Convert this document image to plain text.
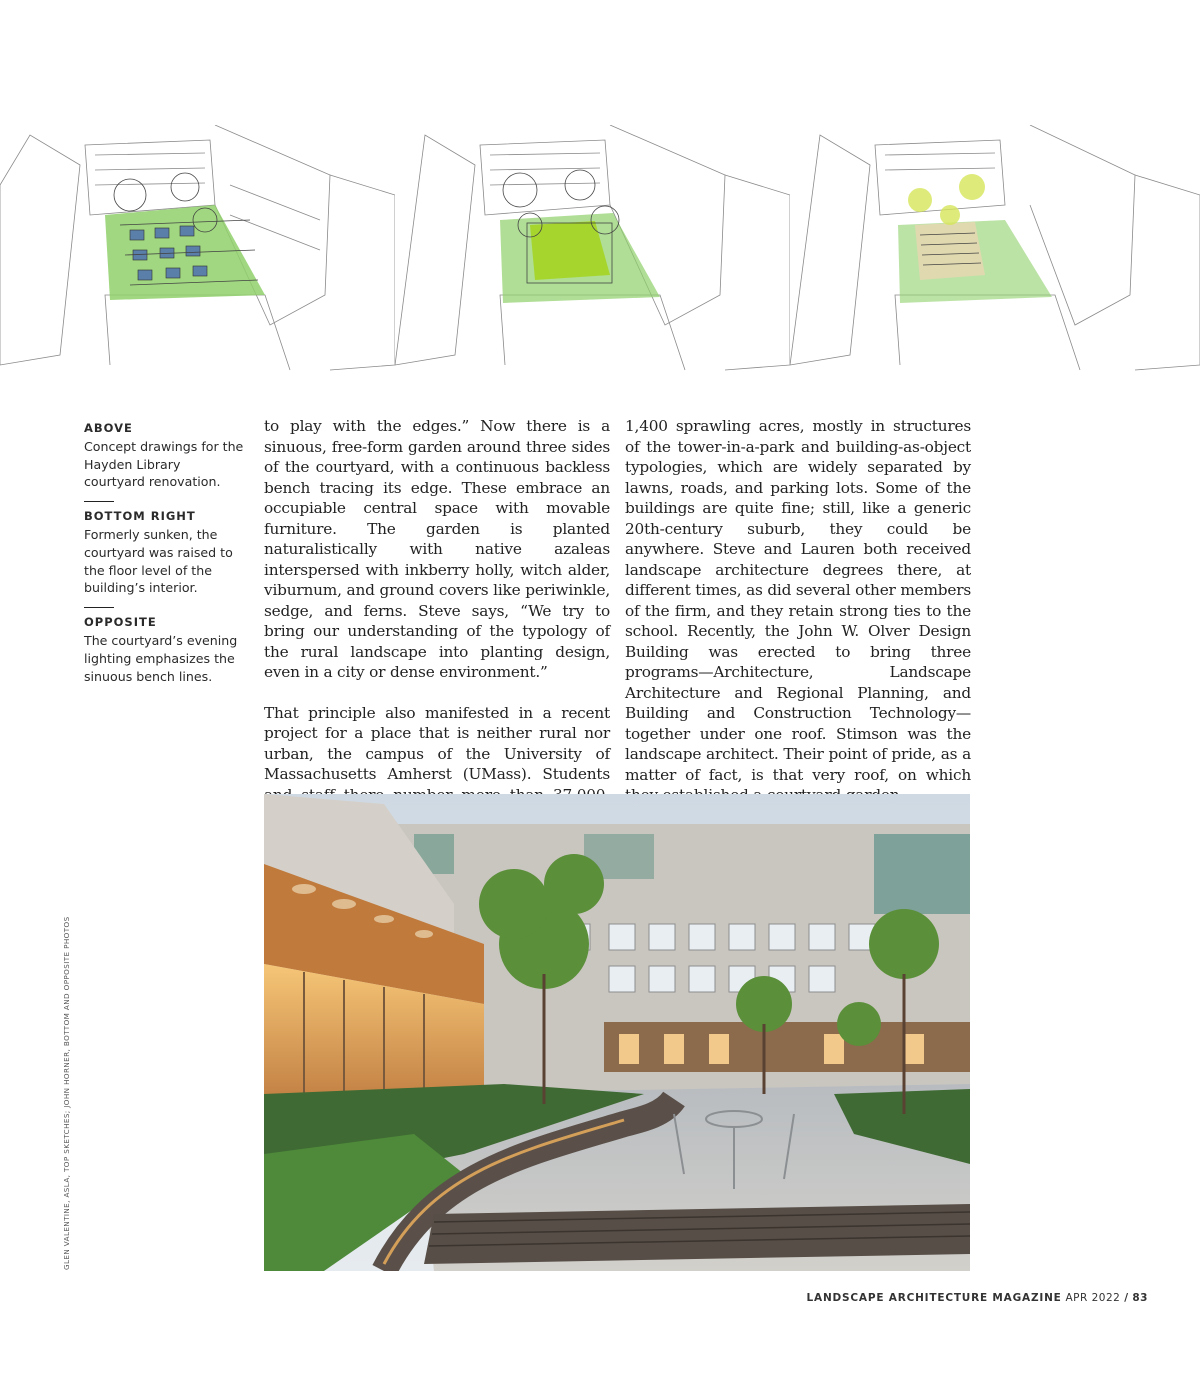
ABOVE

Concept drawings for the Hayden Library courtyard renovation.

BOTTOM RIGHT

Formerly sunken, the courtyard was raised to the floor level of the building’s interior.

OPPOSITE

The courtyard’s evening lighting emphasizes the sinuous bench lines.

to play with the edges.” Now there is a sinuous, free-form garden around three sides of the courtyard, with a continuous backless bench tracing its edge. These embrace an occupiable central space with movable furniture. The garden is planted naturalistically with native azaleas interspersed with inkberry holly, witch alder, viburnum, and ground covers like periwinkle, sedge, and ferns. Steve says, “We try to bring our understanding of the typology of the rural landscape into planting design, even in a city or dense environment.”

That principle also manifested in a recent project for a place that is neither rural nor urban, the campus of the University of Massachusetts Amherst (UMass). Students

1,400 sprawling acres, mostly in structures of the tower-in-a-park and building-as-object typologies, which are widely separated by lawns, roads, and parking lots. Some of the buildings are quite fine; still, like a generic 20th-century suburb, they could be anywhere. Steve and Lauren both received landscape architecture degrees there, at different times, as did several other members of the firm, and they retain strong ties to the school. Recently, the John W. Olver Design Building was erected to bring three programs—Architecture, Landscape Architecture and Regional Planning, and Building and Construction Technology—together under one roof. Stimson was the landscape architect. Their point of pride, as a matter of fact, is that very roof, on which

GLEN VALENTINE, ASLA, TOP SKETCHES; JOHN HORNER, BOTTOM AND OPPOSITE PHOTOS
LANDSCAPE ARCHITECTURE MAGAZINE APR 2022 / 83
